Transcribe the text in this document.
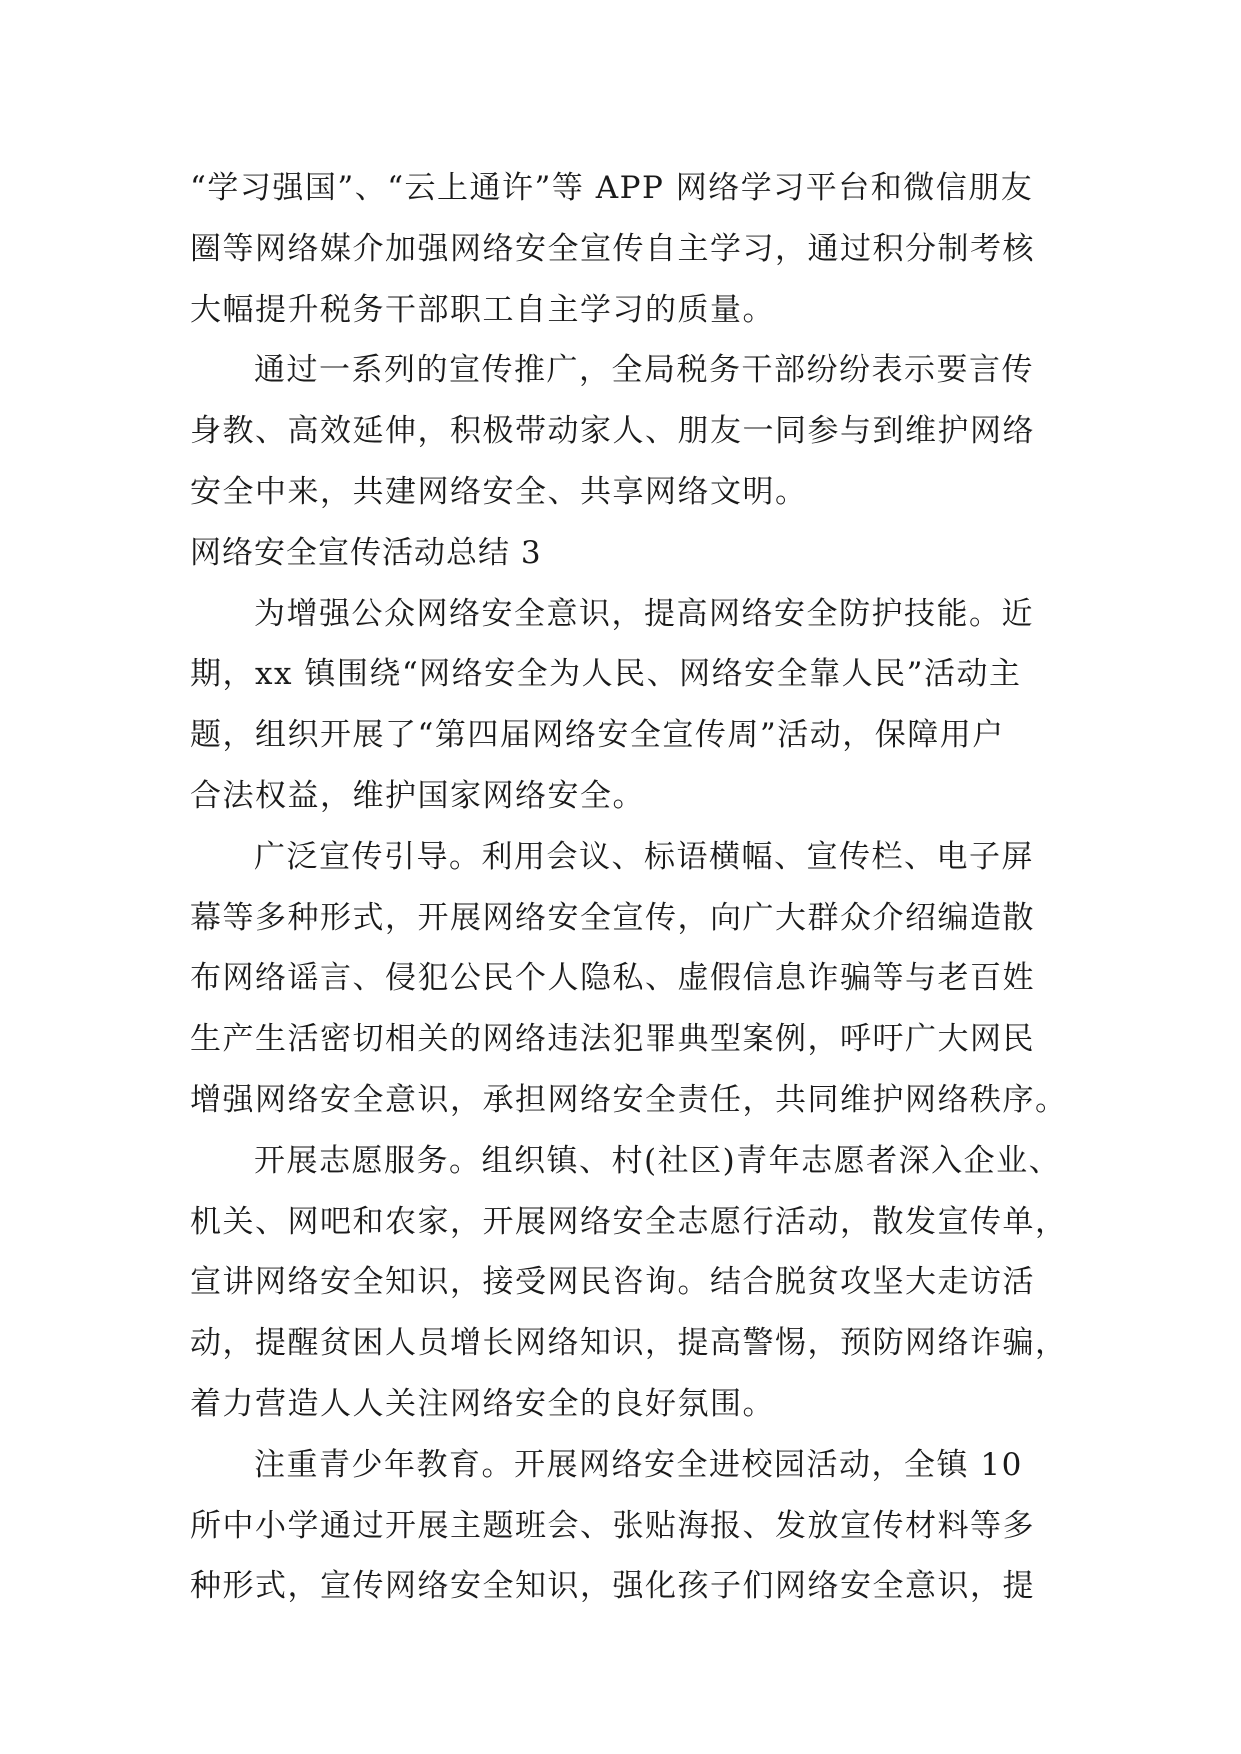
“学习强国”、“云上通许”等 APP 网络学习平台和微信朋友
圈等网络媒介加强网络安全宣传自主学习，通过积分制考核
大幅提升税务干部职工自主学习的质量。
通过一系列的宣传推广，全局税务干部纷纷表示要言传
身教、高效延伸，积极带动家人、朋友一同参与到维护网络
安全中来，共建网络安全、共享网络文明。
网络安全宣传活动总结 3
为增强公众网络安全意识，提高网络安全防护技能。近
期，xx 镇围绕“网络安全为人民、网络安全靠人民”活动主
题，组织开展了“第四届网络安全宣传周”活动，保障用户
合法权益，维护国家网络安全。
广泛宣传引导。利用会议、标语横幅、宣传栏、电子屏
幕等多种形式，开展网络安全宣传，向广大群众介绍编造散
布网络谣言、侵犯公民个人隐私、虚假信息诈骗等与老百姓
生产生活密切相关的网络违法犯罪典型案例，呼吁广大网民
增强网络安全意识，承担网络安全责任，共同维护网络秩序。
开展志愿服务。组织镇、村(社区)青年志愿者深入企业、
机关、网吧和农家，开展网络安全志愿行活动，散发宣传单，
宣讲网络安全知识，接受网民咨询。结合脱贫攻坚大走访活
动，提醒贫困人员增长网络知识，提高警惕，预防网络诈骗，
着力营造人人关注网络安全的良好氛围。
注重青少年教育。开展网络安全进校园活动，全镇 10
所中小学通过开展主题班会、张贴海报、发放宣传材料等多
种形式，宣传网络安全知识，强化孩子们网络安全意识，提
